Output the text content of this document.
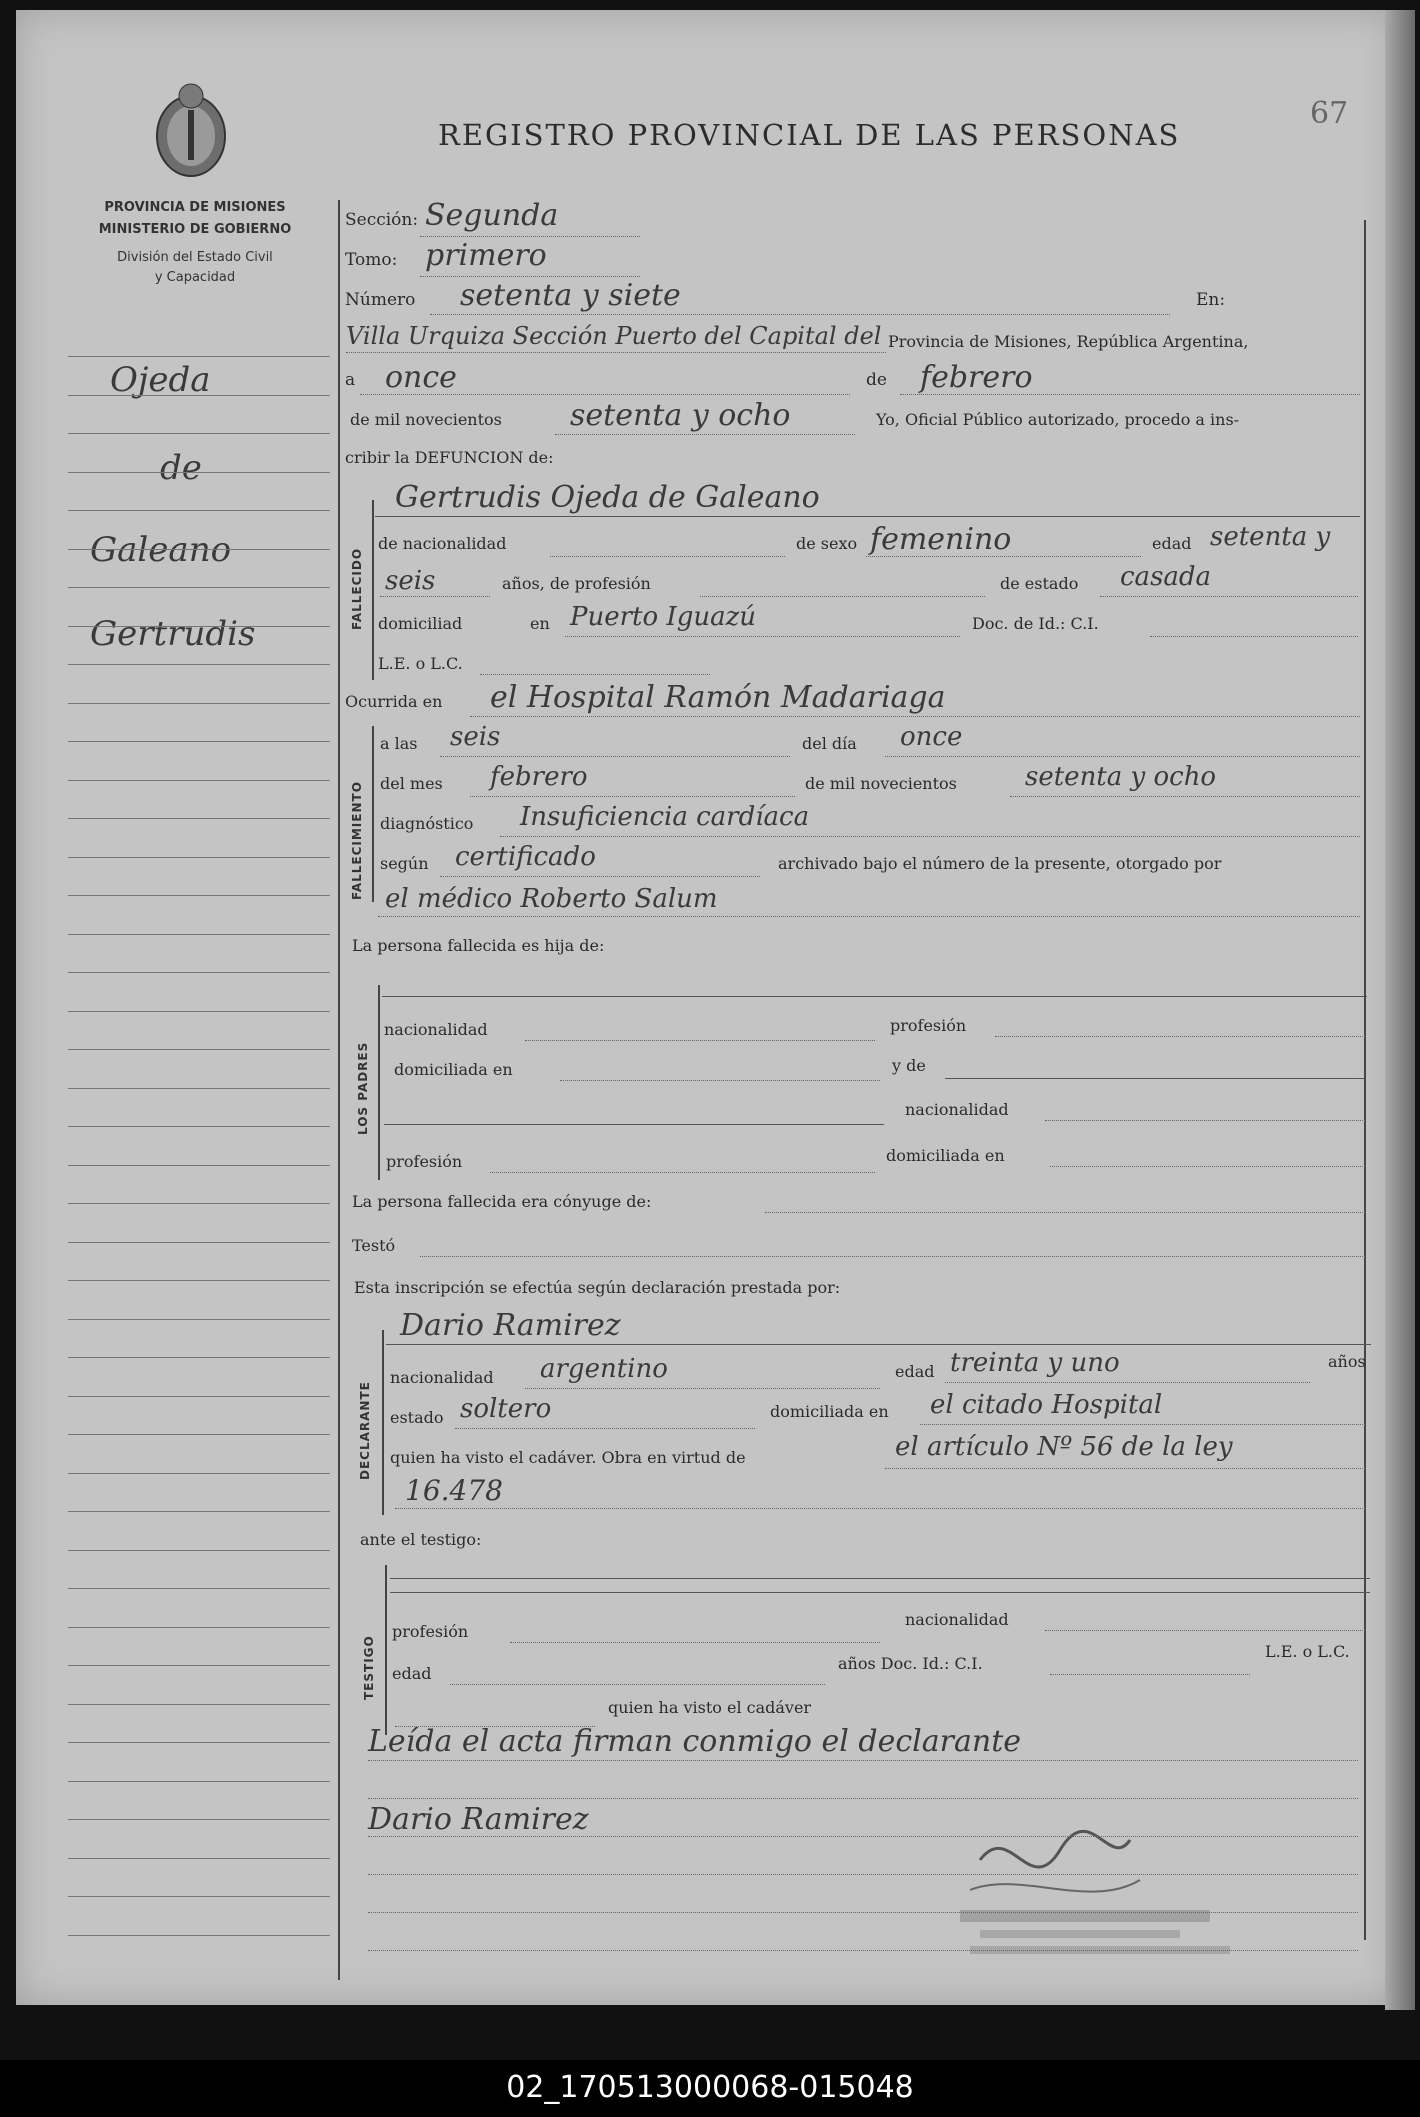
REGISTRO PROVINCIAL DE LAS PERSONAS
67
PROVINCIA DE MISIONES
MINISTERIO DE GOBIERNO
División del Estado Civil
y Capacidad
Ojeda
de
Galeano
Gertrudis
Sección: Segunda
Tomo: primero
Número setenta y siete	En:
Villa Urquiza Sección Puerto del Capital del Provincia de Misiones, República Argentina,
a once	de febrero
de mil novecientos setenta y ocho	Yo, Oficial Público autorizado, procedo a ins-
cribir la DEFUNCION de:
FALLECIDO
Gertrudis Ojeda de Galeano
de nacionalidad	de sexo femenino	edad setenta y
seis	años, de profesión	de estado casada
domiciliad	en Puerto Iguazú	Doc. de Id.: C.I.
L.E. o L.C.
Ocurrida en el Hospital Ramón Madariaga
FALLECIMIENTO
a las seis	del día once
del mes febrero	de mil novecientos	setenta y ocho
diagnóstico Insuficiencia cardíaca
según certificado	archivado bajo el número de la presente, otorgado por
el médico Roberto Salum
La persona fallecida es hija de:
LOS PADRES
nacionalidad	profesión
domiciliada en	y de
nacionalidad
profesión	domiciliada en
La persona fallecida era cónyuge de:
Testó
Esta inscripción se efectúa según declaración prestada por:
DECLARANTE
Dario Ramirez
nacionalidad argentino	edad treinta y uno	años
estado soltero	domiciliada en el citado Hospital
quien ha visto el cadáver. Obra en virtud de	el artículo Nº 56 de la ley
16.478
ante el testigo:
TESTIGO
profesión
nacionalidad
edad
años Doc. Id.: C.I.
L.E. o L.C.
quien ha visto el cadáver
Leída el acta firman conmigo el declarante
Dario Ramirez
02_170513000068-015048
